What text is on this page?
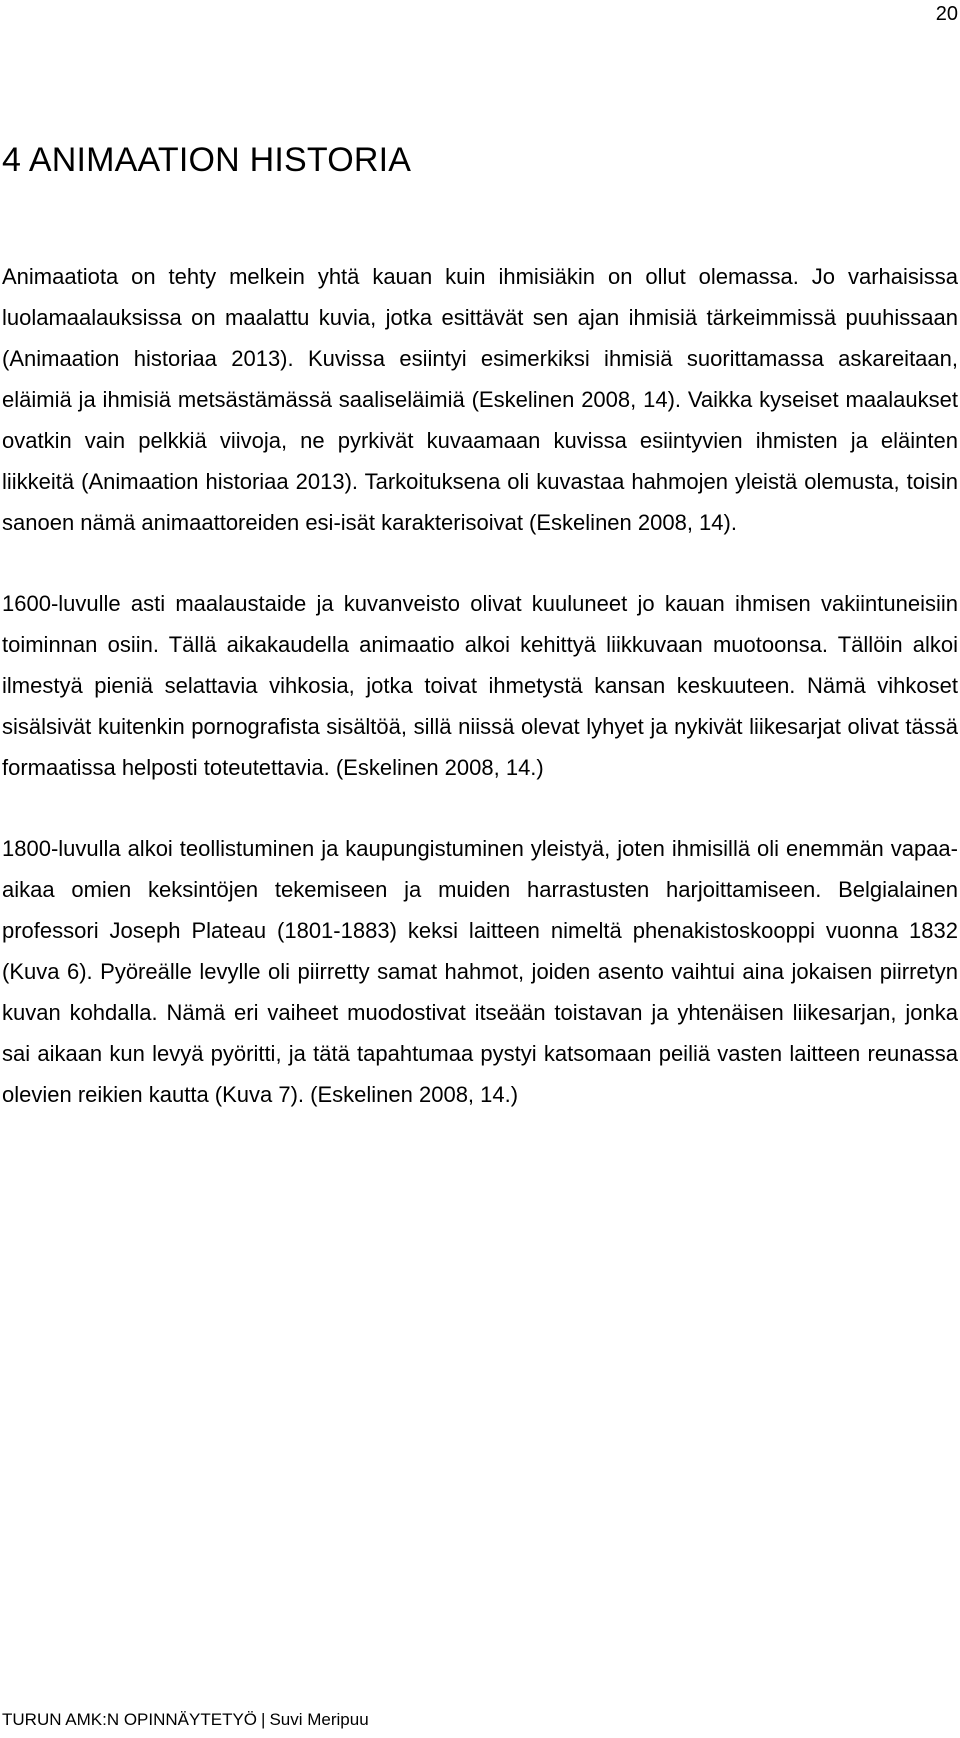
20
4 ANIMAATION HISTORIA

Animaatiota on tehty melkein yhtä kauan kuin ihmisiäkin on ollut olemassa. Jo varhaisissa luolamaalauksissa on maalattu kuvia, jotka esittävät sen ajan ihmisiä tärkeimmissä puuhissaan (Animaation historiaa 2013). Kuvissa esiintyi esimerkiksi ihmisiä suorittamassa askareitaan, eläimiä ja ihmisiä metsästämässä saaliseläimiä (Eskelinen 2008, 14). Vaikka kyseiset maalaukset ovatkin vain pelkkiä viivoja, ne pyrkivät kuvaamaan kuvissa esiintyvien ihmisten ja eläinten liikkeitä (Animaation historiaa 2013). Tarkoituksena oli kuvastaa hahmojen yleistä olemusta, toisin sanoen nämä animaattoreiden esi-isät karakterisoivat (Eskelinen 2008, 14).

1600-luvulle asti maalaustaide ja kuvanveisto olivat kuuluneet jo kauan ihmisen vakiintuneisiin toiminnan osiin. Tällä aikakaudella animaatio alkoi kehittyä liikkuvaan muotoonsa. Tällöin alkoi ilmestyä pieniä selattavia vihkosia, jotka toivat ihmetystä kansan keskuuteen. Nämä vihkoset sisälsivät kuitenkin pornografista sisältöä, sillä niissä olevat lyhyet ja nykivät liikesarjat olivat tässä formaatissa helposti toteutettavia. (Eskelinen 2008, 14.)

1800-luvulla alkoi teollistuminen ja kaupungistuminen yleistyä, joten ihmisillä oli enemmän vapaa-aikaa omien keksintöjen tekemiseen ja muiden harrastusten harjoittamiseen. Belgialainen professori Joseph Plateau (1801-1883) keksi laitteen nimeltä phenakistoskooppi vuonna 1832 (Kuva 6). Pyöreälle levylle oli piirretty samat hahmot, joiden asento vaihtui aina jokaisen piirretyn kuvan kohdalla. Nämä eri vaiheet muodostivat itseään toistavan ja yhtenäisen liikesarjan, jonka sai aikaan kun levyä pyöritti, ja tätä tapahtumaa pystyi katsomaan peiliä vasten laitteen reunassa olevien reikien kautta (Kuva 7). (Eskelinen 2008, 14.)

TURUN AMK:N OPINNÄYTETYÖ | Suvi Meripuu
